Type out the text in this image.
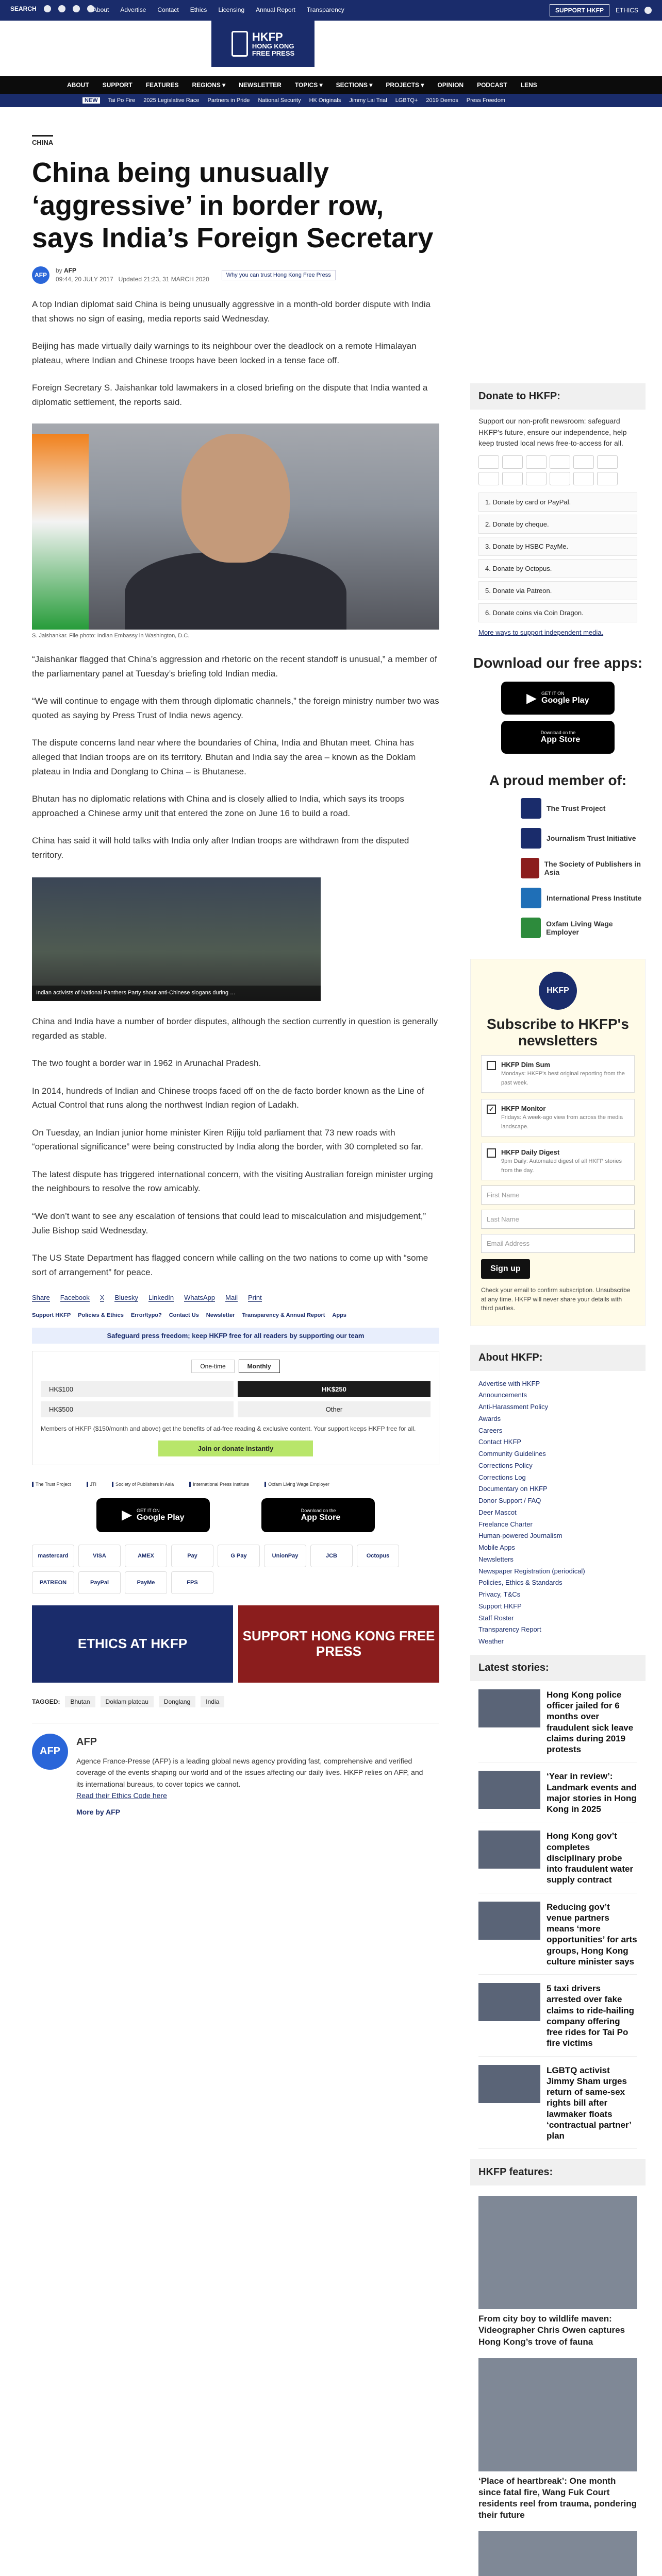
SEARCH	About Advertise Contact Ethics Licensing Annual Report Transparency	SUPPORT HKFP	ETHICS
HKFP
HONG KONG
FREE PRESS
ABOUT SUPPORT FEATURES REGIONS ▾ NEWSLETTER TOPICS ▾ SECTIONS ▾ PROJECTS ▾ OPINION PODCAST LENS
NEW	Tai Po Fire 2025 Legislative Race Partners in Pride National Security HK Originals Jimmy Lai Trial LGBTQ+ 2019 Demos Press Freedom
CHINA
China being unusually ‘aggressive’ in border row, says India’s Foreign Secretary
AFP
by AFP
09:44, 20 JULY 2017 Updated 21:23, 31 MARCH 2020
Why you can trust Hong Kong Free Press

A top Indian diplomat said China is being unusually aggressive in a month-old border dispute with India that shows no sign of easing, media reports said Wednesday.

Beijing has made virtually daily warnings to its neighbour over the deadlock on a remote Himalayan plateau, where Indian and Chinese troops have been locked in a tense face off.

Foreign Secretary S. Jaishankar told lawmakers in a closed briefing on the dispute that India wanted a diplomatic settlement, the reports said.

S. Jaishankar. File photo: Indian Embassy in Washington, D.C.

“Jaishankar flagged that China’s aggression and rhetoric on the recent standoff is unusual,” a member of the parliamentary panel at Tuesday’s briefing told Indian media.

“We will continue to engage with them through diplomatic channels,” the foreign ministry number two was quoted as saying by Press Trust of India news agency.

The dispute concerns land near where the boundaries of China, India and Bhutan meet. China has alleged that Indian troops are on its territory. Bhutan and India say the area – known as the Doklam plateau in India and Donglang to China – is Bhutanese.

Bhutan has no diplomatic relations with China and is closely allied to India, which says its troops approached a Chinese army unit that entered the zone on June 16 to build a road.

China has said it will hold talks with India only after Indian troops are withdrawn from the disputed territory.

Indian activists of National Panthers Party shout anti-Chinese slogans during …

China and India have a number of border disputes, although the section currently in question is generally regarded as stable.

The two fought a border war in 1962 in Arunachal Pradesh.

In 2014, hundreds of Indian and Chinese troops faced off on the de facto border known as the Line of Actual Control that runs along the northwest Indian region of Ladakh.

On Tuesday, an Indian junior home minister Kiren Rijiju told parliament that 73 new roads with “operational significance” were being constructed by India along the border, with 30 completed so far.

The latest dispute has triggered international concern, with the visiting Australian foreign minister urging the neighbours to resolve the row amicably.

“We don’t want to see any escalation of tensions that could lead to miscalculation and misjudgement,” Julie Bishop said Wednesday.

The US State Department has flagged concern while calling on the two nations to come up with “some sort of arrangement” for peace.

Share Facebook X Bluesky LinkedIn WhatsApp Mail Print
Support HKFP Policies & Ethics Error/typo? Contact Us Newsletter Transparency & Annual Report Apps
Safeguard press freedom; keep HKFP free for all readers by supporting our team
One-time	Monthly
HK$100	HK$250
HK$500	Other
Members of HKFP ($150/month and above) get the benefits of ad-free reading & exclusive content. Your support keeps HKFP free for all.
Join or donate instantly
The Trust Project	JTI	Society of Publishers in Asia	International Press Institute	Oxfam Living Wage Employer
▶ GET IT ON
Google Play
Download on the
App Store
mastercard	VISA	AMEX	Pay	G Pay	UnionPay	JCB	Octopus
PATREON	PayPal	PayMe	FPS
ETHICS AT HKFP	SUPPORT HONG KONG FREE PRESS
TAGGED:	Bhutan	Doklam plateau	Donglang	India
AFP
AFP

Agence France-Presse (AFP) is a leading global news agency providing fast, comprehensive and verified coverage of the events shaping our world and of the issues affecting our daily lives. HKFP relies on AFP, and its international bureaus, to cover topics we cannot.

Read their Ethics Code here

More by AFP

Donate to HKFP:
Support our non-profit newsroom: safeguard HKFP's future, ensure our independence, help keep trusted local news free-to-access for all.
1. Donate by card or PayPal.
2. Donate by cheque.
3. Donate by HSBC PayMe.
4. Donate by Octopus.
5. Donate via Patreon.
6. Donate coins via Coin Dragon.
More ways to support independent media.
Download our free apps:
▶ GET IT ON
Google Play
Download on the
App Store
A proud member of:
The Trust Project
Journalism Trust Initiative
The Society of Publishers in Asia
International Press Institute
Oxfam Living Wage Employer
HKFP
Subscribe to HKFP's newsletters
HKFP Dim Sum
Mondays: HKFP's best original reporting from the past week.
✓	HKFP Monitor
Fridays: A week-ago view from across the media landscape.
HKFP Daily Digest
9pm Daily: Automated digest of all HKFP stories from the day.
First Name
Last Name
Email Address
Sign up
Check your email to confirm subscription. Unsubscribe at any time. HKFP will never share your details with third parties.
About HKFP:
Advertise with HKFP
Announcements
Anti-Harassment Policy
Awards
Careers
Contact HKFP
Community Guidelines
Corrections Policy
Corrections Log
Documentary on HKFP
Donor Support / FAQ
Deer Mascot
Freelance Charter
Human-powered Journalism
Mobile Apps
Newsletters
Newspaper Registration (periodical)
Policies, Ethics & Standards
Privacy, T&Cs
Support HKFP
Staff Roster
Transparency Report
Weather
Latest stories:
Hong Kong police officer jailed for 6 months over fraudulent sick leave claims during 2019 protests
‘Year in review’: Landmark events and major stories in Hong Kong in 2025
Hong Kong gov’t completes disciplinary probe into fraudulent water supply contract
Reducing gov’t venue partners means ‘more opportunities’ for arts groups, Hong Kong culture minister says
5 taxi drivers arrested over fake claims to ride-hailing company offering free rides for Tai Po fire victims
LGBTQ activist Jimmy Sham urges return of same-sex rights bill after lawmaker floats ‘contractual partner’ plan
HKFP features:
From city boy to wildlife maven: Videographer Chris Owen captures Hong Kong’s trove of fauna
‘Place of heartbreak’: One month since fatal fire, Wang Fuk Court residents reel from trauma, pondering their future
